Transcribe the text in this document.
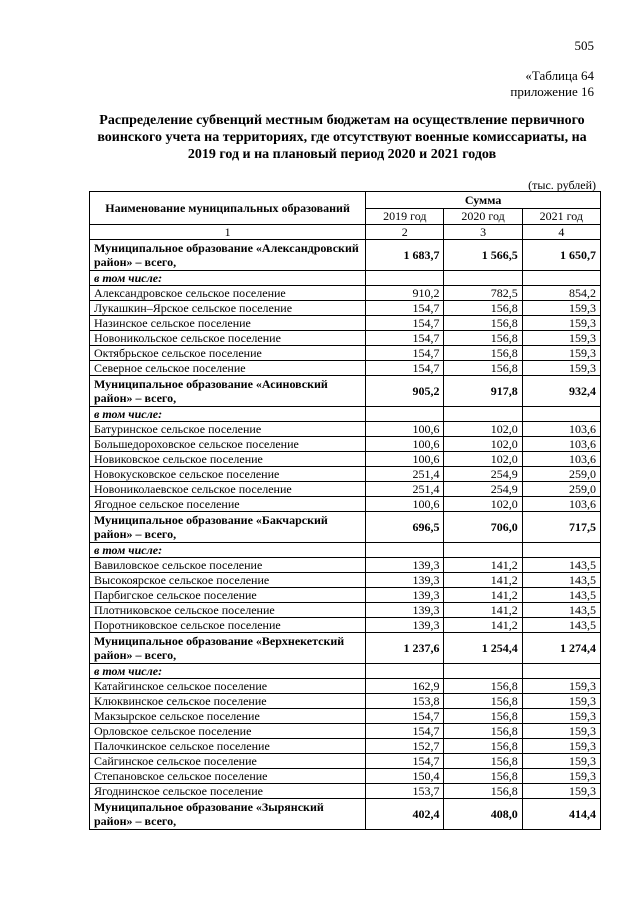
505
«Таблица 64
приложение 16
Распределение субвенций местным бюджетам на осуществление первичного воинского учета на территориях, где отсутствуют военные комиссариаты, на 2019 год и на плановый период 2020 и 2021 годов
(тыс. рублей)
Наименование муниципальных образований	Сумма		
	2019 год	2020 год	2021 год
1	2	3	4
Муниципальное образование «Александровский район» – всего,	1 683,7	1 566,5	1 650,7
в том числе:			
Александровское сельское поселение	910,2	782,5	854,2
Лукашкин–Ярское сельское поселение	154,7	156,8	159,3
Назинское сельское поселение	154,7	156,8	159,3
Новоникольское сельское поселение	154,7	156,8	159,3
Октябрьское сельское поселение	154,7	156,8	159,3
Северное сельское поселение	154,7	156,8	159,3
Муниципальное образование «Асиновский район» – всего,	905,2	917,8	932,4
в том числе:			
Батуринское сельское поселение	100,6	102,0	103,6
Большедороховское сельское поселение	100,6	102,0	103,6
Новиковское сельское поселение	100,6	102,0	103,6
Новокусковское сельское поселение	251,4	254,9	259,0
Новониколаевское сельское поселение	251,4	254,9	259,0
Ягодное сельское поселение	100,6	102,0	103,6
Муниципальное образование «Бакчарский район» – всего,	696,5	706,0	717,5
в том числе:			
Вавиловское сельское поселение	139,3	141,2	143,5
Высокоярское сельское поселение	139,3	141,2	143,5
Парбигское сельское поселение	139,3	141,2	143,5
Плотниковское сельское поселение	139,3	141,2	143,5
Поротниковское сельское поселение	139,3	141,2	143,5
Муниципальное образование «Верхнекетский район» – всего,	1 237,6	1 254,4	1 274,4
в том числе:			
Катайгинское сельское поселение	162,9	156,8	159,3
Клюквинское сельское поселение	153,8	156,8	159,3
Макзырское сельское поселение	154,7	156,8	159,3
Орловское сельское поселение	154,7	156,8	159,3
Палочкинское сельское поселение	152,7	156,8	159,3
Сайгинское сельское поселение	154,7	156,8	159,3
Степановское сельское поселение	150,4	156,8	159,3
Ягоднинское сельское поселение	153,7	156,8	159,3
Муниципальное образование «Зырянский район» – всего,	402,4	408,0	414,4
